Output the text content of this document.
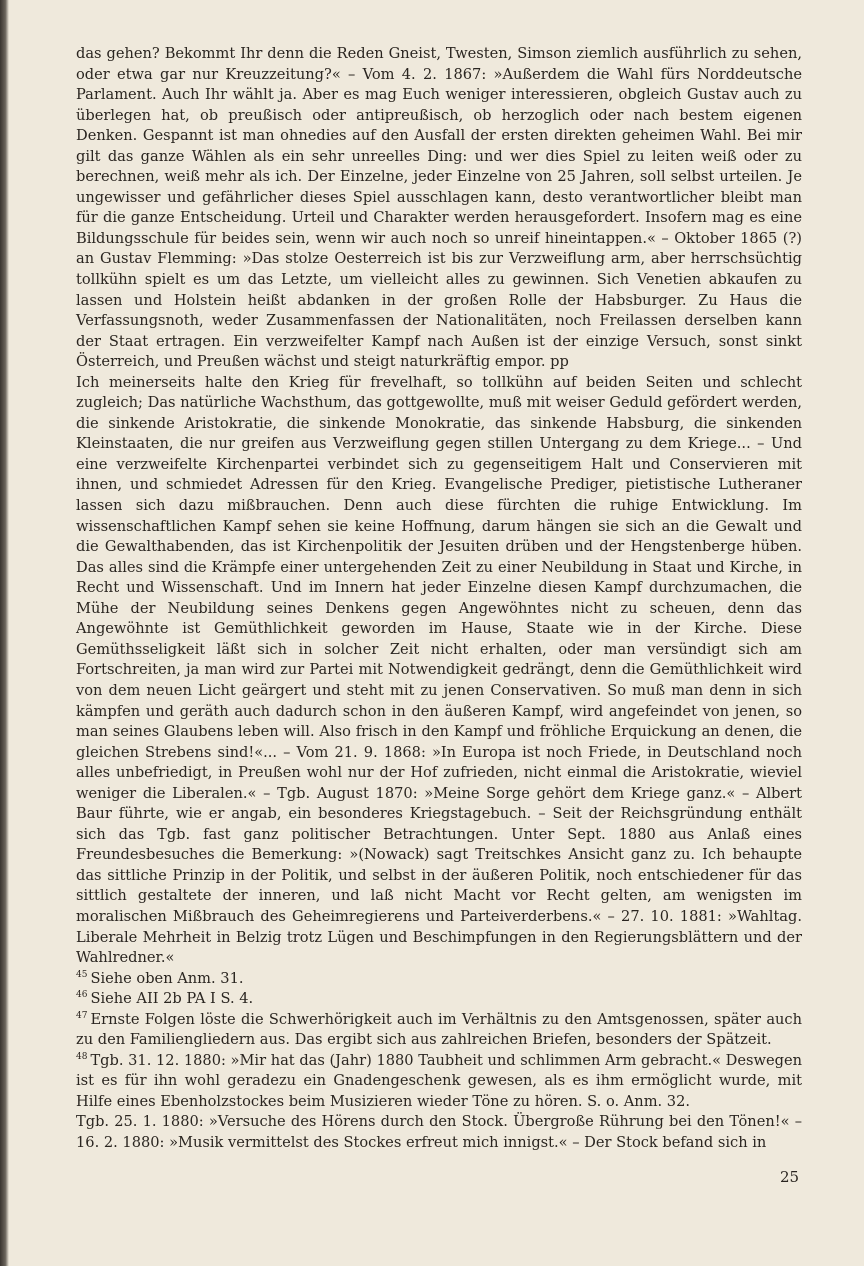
das gehen? Bekommt Ihr denn die Reden Gneist, Twesten, Simson ziemlich ausführlich zu sehen, oder etwa gar nur Kreuzzeitung?« – Vom 4. 2. 1867: »Außerdem die Wahl fürs Norddeutsche Parlament. Auch Ihr wählt ja. Aber es mag Euch weniger interessieren, obgleich Gustav auch zu überlegen hat, ob preußisch oder antipreußisch, ob herzoglich oder nach bestem eigenen Denken. Gespannt ist man ohnedies auf den Ausfall der ersten direkten geheimen Wahl. Bei mir gilt das ganze Wählen als ein sehr unreelles Ding: und wer dies Spiel zu leiten weiß oder zu berechnen, weiß mehr als ich. Der Einzelne, jeder Einzelne von 25 Jahren, soll selbst urteilen. Je ungewisser und gefährlicher dieses Spiel ausschlagen kann, desto verantwortlicher bleibt man für die ganze Entscheidung. Urteil und Charakter werden herausgefordert. Insofern mag es eine Bildungsschule für beides sein, wenn wir auch noch so unreif hineintappen.« – Oktober 1865 (?) an Gustav Flemming: »Das stolze Oesterreich ist bis zur Verzweiflung arm, aber herrschsüchtig tollkühn spielt es um das Letzte, um vielleicht alles zu gewinnen. Sich Venetien abkaufen zu lassen und Holstein heißt abdanken in der großen Rolle der Habsburger. Zu Haus die Verfassungsnoth, weder Zusammenfassen der Nationalitäten, noch Freilassen derselben kann der Staat ertragen. Ein verzweifelter Kampf nach Außen ist der einzige Versuch, sonst sinkt Österreich, und Preußen wächst und steigt naturkräftig empor. pp

Ich meinerseits halte den Krieg für frevelhaft, so tollkühn auf beiden Seiten und schlecht zugleich; Das natürliche Wachsthum, das gottgewollte, muß mit weiser Geduld gefördert werden, die sinkende Aristokratie, die sinkende Monokratie, das sinkende Habsburg, die sinkenden Kleinstaaten, die nur greifen aus Verzweiflung gegen stillen Untergang zu dem Kriege... – Und eine verzweifelte Kirchenpartei verbindet sich zu gegenseitigem Halt und Conservieren mit ihnen, und schmiedet Adressen für den Krieg. Evangelische Prediger, pietistische Lutheraner lassen sich dazu mißbrauchen. Denn auch diese fürchten die ruhige Entwicklung. Im wissenschaftlichen Kampf sehen sie keine Hoffnung, darum hängen sie sich an die Gewalt und die Gewalthabenden, das ist Kirchenpolitik der Jesuiten drüben und der Hengstenberge hüben. Das alles sind die Krämpfe einer untergehenden Zeit zu einer Neubildung in Staat und Kirche, in Recht und Wissenschaft. Und im Innern hat jeder Einzelne diesen Kampf durchzumachen, die Mühe der Neubildung seines Denkens gegen Angewöhntes nicht zu scheuen, denn das Angewöhnte ist Gemüthlichkeit geworden im Hause, Staate wie in der Kirche. Diese Gemüthsseligkeit läßt sich in solcher Zeit nicht erhalten, oder man versündigt sich am Fortschreiten, ja man wird zur Partei mit Notwendigkeit gedrängt, denn die Gemüthlichkeit wird von dem neuen Licht geärgert und steht mit zu jenen Conservativen. So muß man denn in sich kämpfen und geräth auch dadurch schon in den äußeren Kampf, wird angefeindet von jenen, so man seines Glaubens leben will. Also frisch in den Kampf und fröhliche Erquickung an denen, die gleichen Strebens sind!«... – Vom 21. 9. 1868: »In Europa ist noch Friede, in Deutschland noch alles unbefriedigt, in Preußen wohl nur der Hof zufrieden, nicht einmal die Aristokratie, wieviel weniger die Liberalen.« – Tgb. August 1870: »Meine Sorge gehört dem Kriege ganz.« – Albert Baur führte, wie er angab, ein besonderes Kriegstagebuch. – Seit der Reichsgründung enthält sich das Tgb. fast ganz politischer Betrachtungen. Unter Sept. 1880 aus Anlaß eines Freundesbesuches die Bemerkung: »(Nowack) sagt Treitschkes Ansicht ganz zu. Ich behaupte das sittliche Prinzip in der Politik, und selbst in der äußeren Politik, noch entschiedener für das sittlich gestaltete der inneren, und laß nicht Macht vor Recht gelten, am wenigsten im moralischen Mißbrauch des Geheimregierens und Parteiverderbens.« – 27. 10. 1881: »Wahltag. Liberale Mehrheit in Belzig trotz Lügen und Beschimpfungen in den Regierungsblättern und der Wahlredner.«

$^{45}$ Siehe oben Anm. 31.

$^{46}$ Siehe AII 2b PA I S. 4.

$^{47}$ Ernste Folgen löste die Schwerhörigkeit auch im Verhältnis zu den Amtsgenossen, später auch zu den Familiengliedern aus. Das ergibt sich aus zahlreichen Briefen, besonders der Spätzeit.

$^{48}$ Tgb. 31. 12. 1880: »Mir hat das (Jahr) 1880 Taubheit und schlimmen Arm gebracht.« Deswegen ist es für ihn wohl geradezu ein Gnadengeschenk gewesen, als es ihm ermöglicht wurde, mit Hilfe eines Ebenholzstockes beim Musizieren wieder Töne zu hören. S. o. Anm. 32.

Tgb. 25. 1. 1880: »Versuche des Hörens durch den Stock. Übergroße Rührung bei den Tönen!« – 16. 2. 1880: »Musik vermittelst des Stockes erfreut mich innigst.« – Der Stock befand sich in

25
